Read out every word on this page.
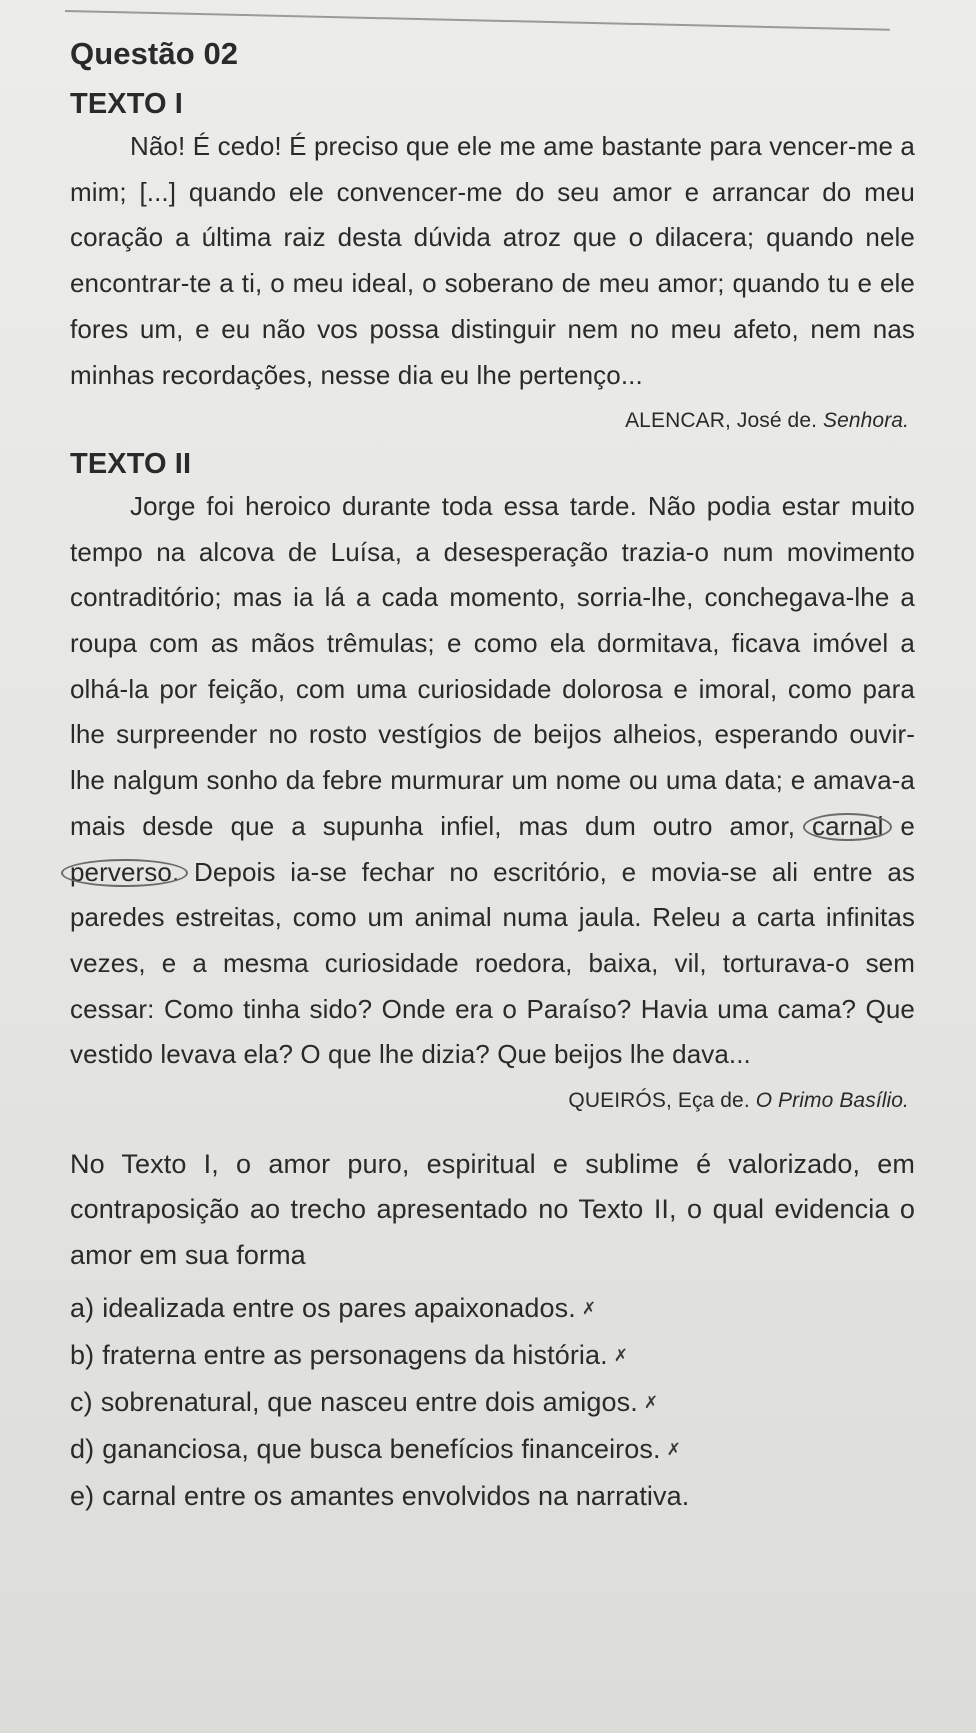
Questão 02
TEXTO I

Não! É cedo! É preciso que ele me ame bastante para vencer-me a mim; [...] quando ele convencer-me do seu amor e arrancar do meu coração a última raiz desta dúvida atroz que o dilacera; quando nele encontrar-te a ti, o meu ideal, o soberano de meu amor; quando tu e ele fores um, e eu não vos possa distinguir nem no meu afeto, nem nas minhas recordações, nesse dia eu lhe pertenço...

ALENCAR, José de. Senhora.

TEXTO II

Jorge foi heroico durante toda essa tarde. Não podia estar muito tempo na alcova de Luísa, a desesperação trazia-o num movimento contraditório; mas ia lá a cada momento, sorria-lhe, conchegava-lhe a roupa com as mãos trêmulas; e como ela dormitava, ficava imóvel a olhá-la por feição, com uma curiosidade dolorosa e imoral, como para lhe surpreender no rosto vestígios de beijos alheios, esperando ouvir-lhe nalgum sonho da febre murmurar um nome ou uma data; e amava-a mais desde que a supunha infiel, mas dum outro amor, carnal e perverso. Depois ia-se fechar no escritório, e movia-se ali entre as paredes estreitas, como um animal numa jaula. Releu a carta infinitas vezes, e a mesma curiosidade roedora, baixa, vil, torturava-o sem cessar: Como tinha sido? Onde era o Paraíso? Havia uma cama? Que vestido levava ela? O que lhe dizia? Que beijos lhe dava...

QUEIRÓS, Eça de. O Primo Basílio.

No Texto I, o amor puro, espiritual e sublime é valorizado, em contraposição ao trecho apresentado no Texto II, o qual evidencia o amor em sua forma

a) idealizada entre os pares apaixonados. ✗
b) fraterna entre as personagens da história. ✗
c) sobrenatural, que nasceu entre dois amigos. ✗
d) gananciosa, que busca benefícios financeiros. ✗
e) carnal entre os amantes envolvidos na narrativa.
